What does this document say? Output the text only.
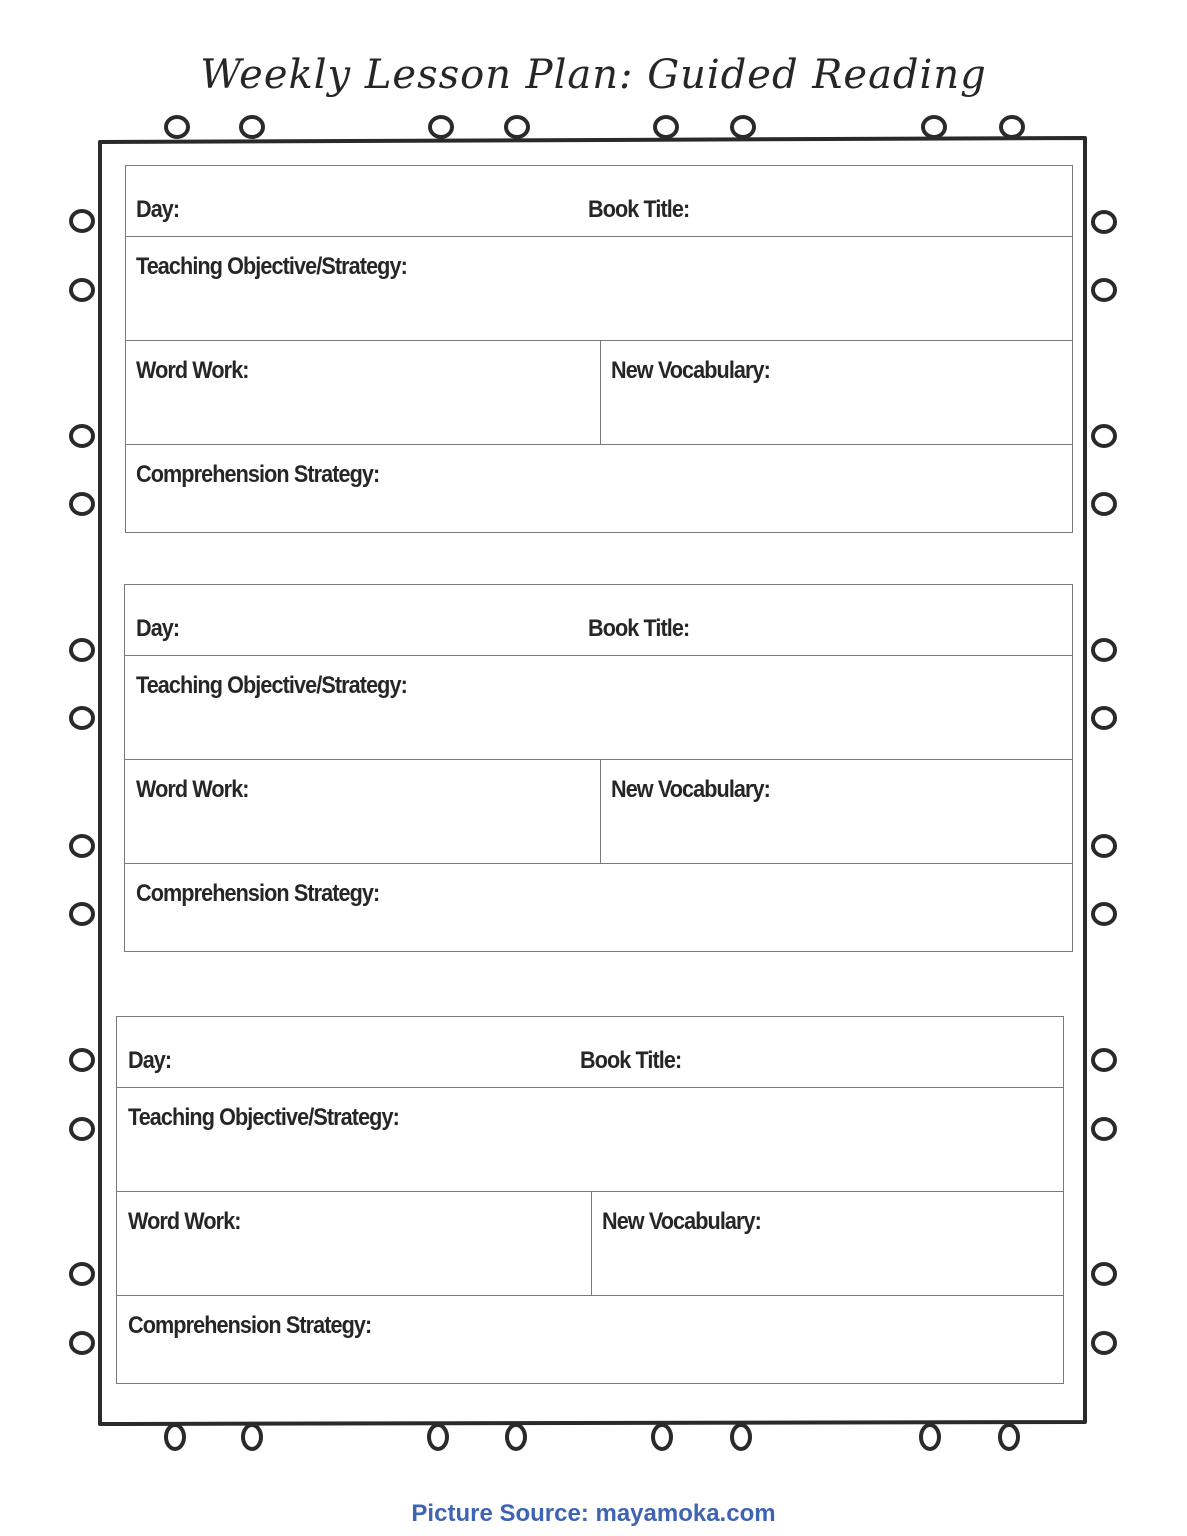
Weekly Lesson Plan: Guided Reading
Day:	Book Title:
Teaching Objective/Strategy:
Word Work:	New Vocabulary:
Comprehension Strategy:
Day:	Book Title:
Teaching Objective/Strategy:
Word Work:	New Vocabulary:
Comprehension Strategy:
Day:	Book Title:
Teaching Objective/Strategy:
Word Work:	New Vocabulary:
Comprehension Strategy:
Picture Source: mayamoka.com
